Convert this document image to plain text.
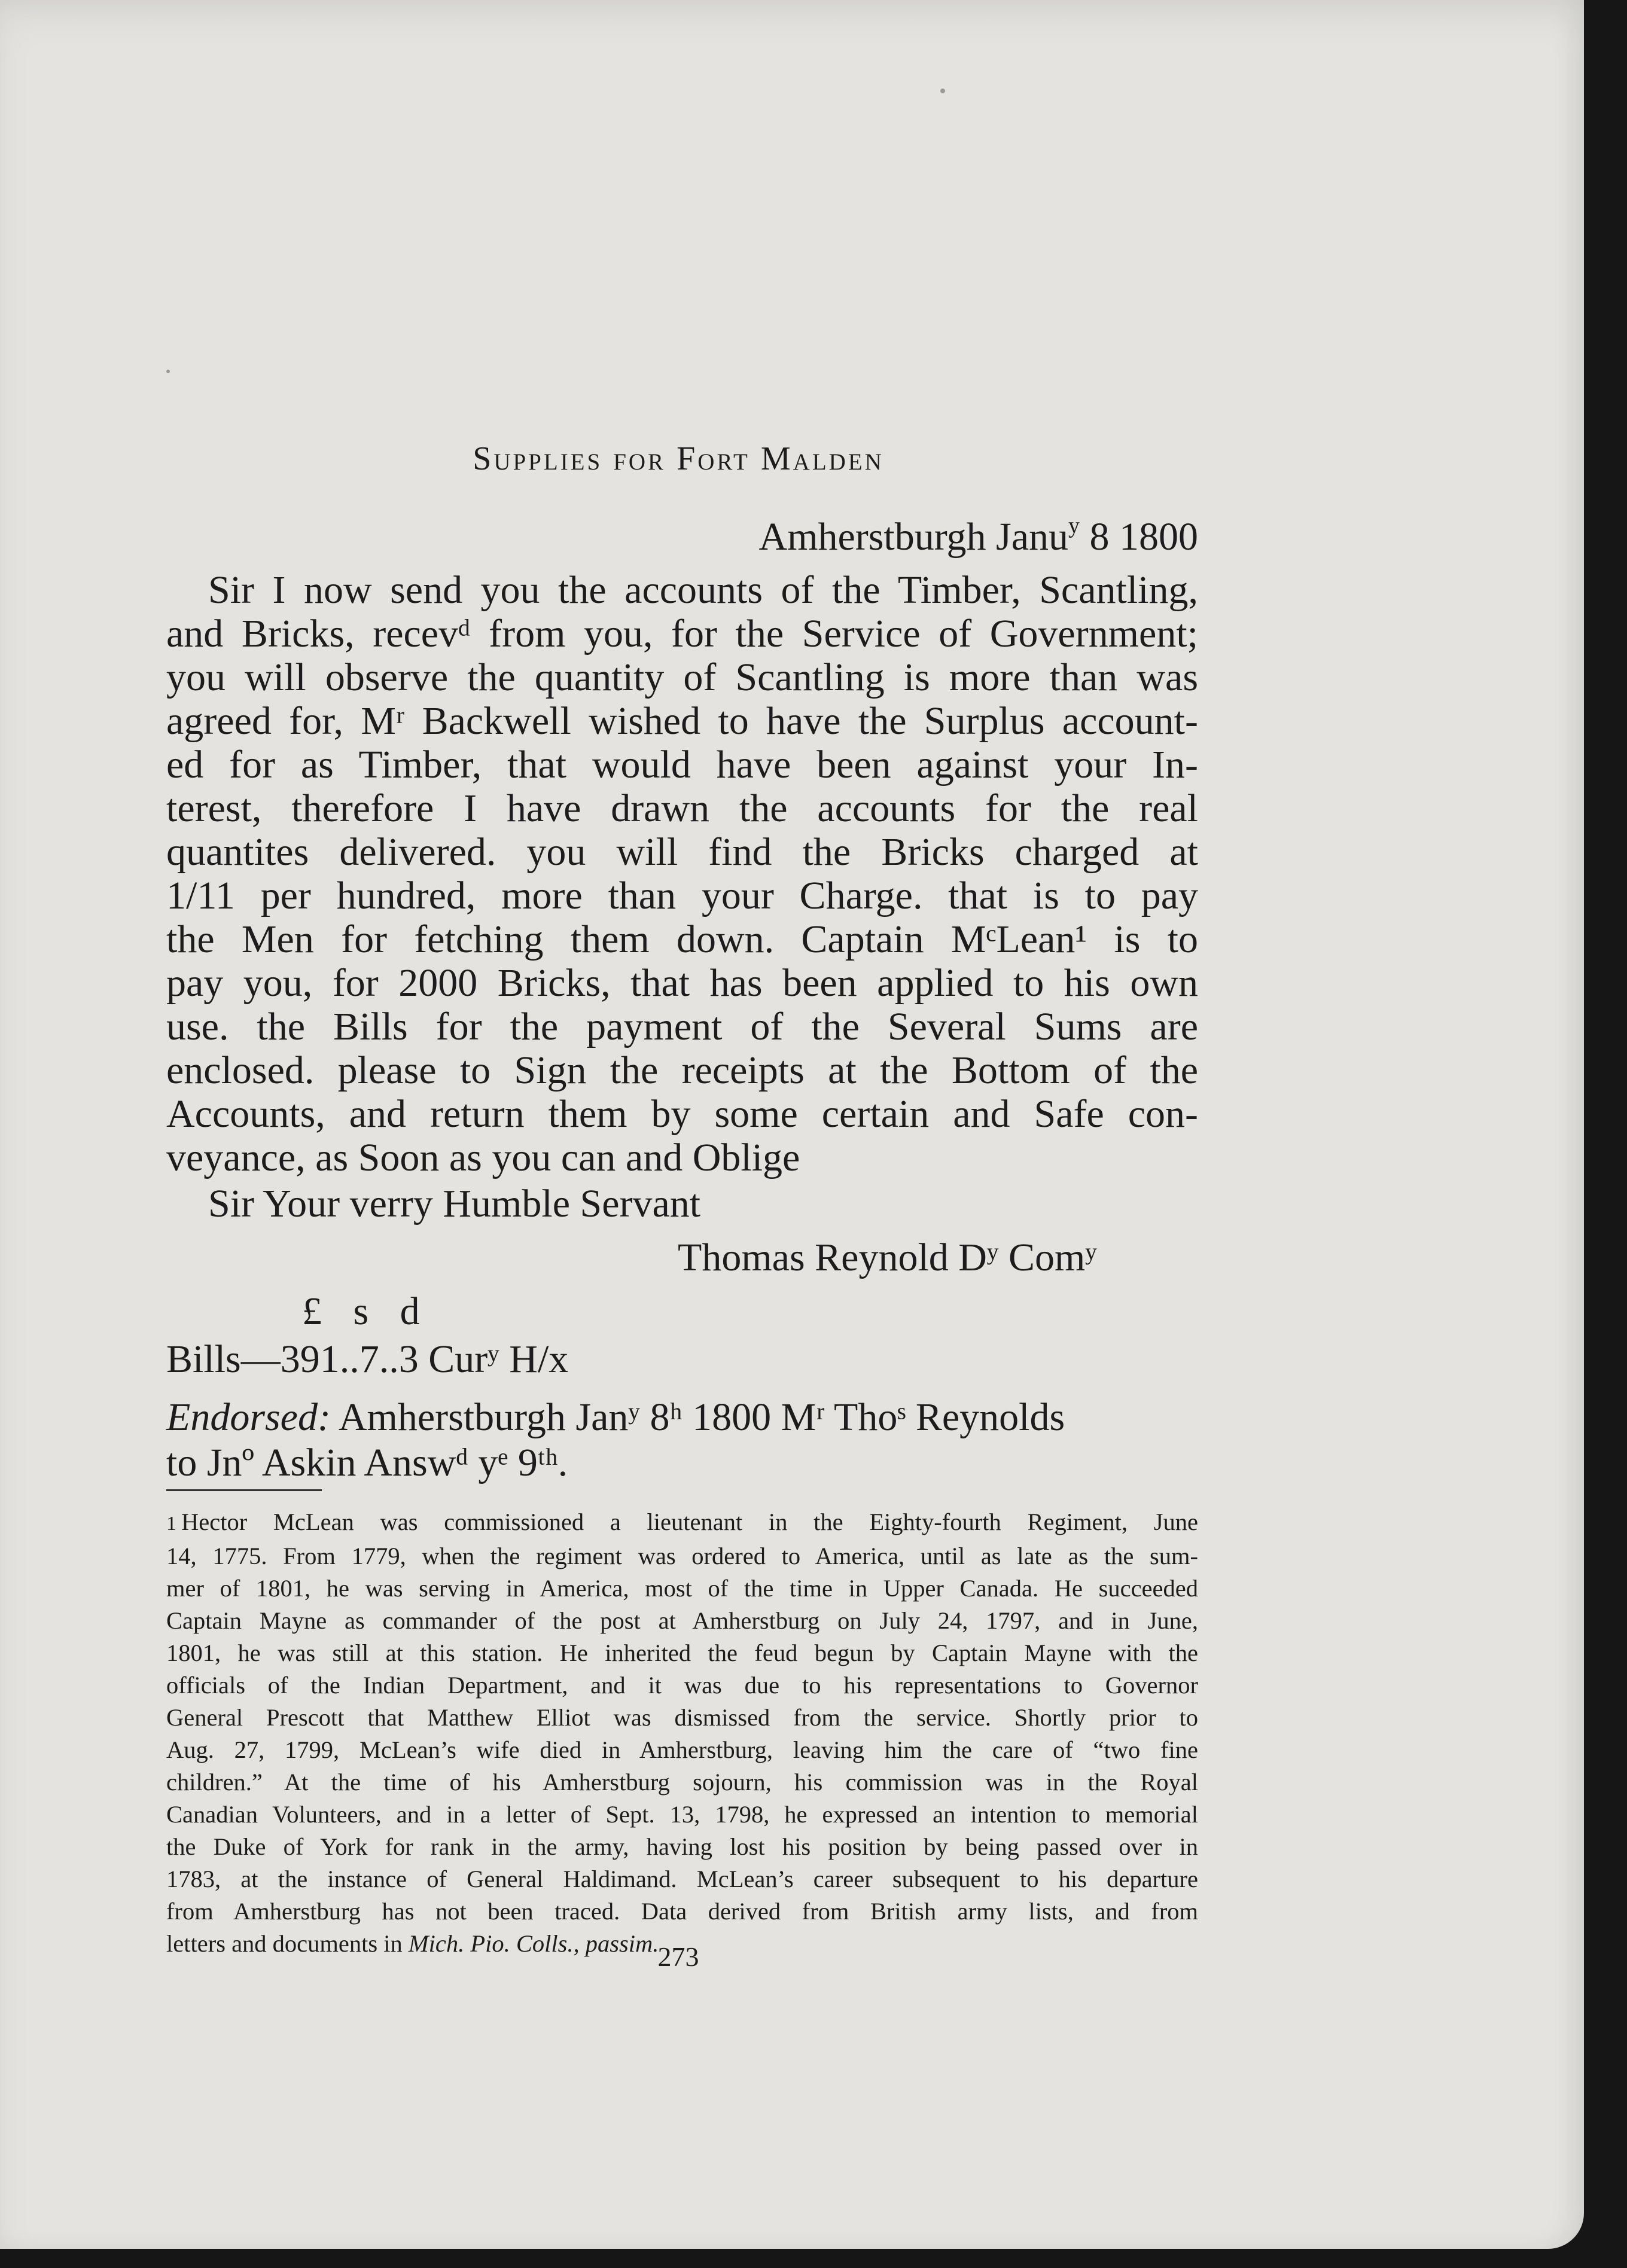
Supplies for Fort Malden
Amherstburgh Janu$^y$ 8 1800
Sir I now send you the accounts of the Timber, Scantling,
and Bricks, recevᵈ from you, for the Service of Government;
you will observe the quantity of Scantling is more than was
agreed for, Mʳ Backwell wished to have the Surplus account-
ed for as Timber, that would have been against your In-
terest, therefore I have drawn the accounts for the real
quantites delivered. you will find the Bricks charged at
1/11 per hundred, more than your Charge. that is to pay
the Men for fetching them down. Captain MᶜLean¹ is to
pay you, for 2000 Bricks, that has been applied to his own
use. the Bills for the payment of the Several Sums are
enclosed. please to Sign the receipts at the Bottom of the
Accounts, and return them by some certain and Safe con-
veyance, as Soon as you can and Oblige
Sir Your verry Humble Servant
Thomas Reynold Dʸ Comʸ
£ s d
Bills—391..7..3 Curʸ H/x
Endorsed: Amherstburgh Janʸ 8ʰ 1800 Mʳ Thoˢ Reynolds
to Jnº Askin Answᵈ yᵉ 9ᵗʰ.
1 Hector McLean was commissioned a lieutenant in the Eighty-fourth Regiment, June
14, 1775. From 1779, when the regiment was ordered to America, until as late as the sum-
mer of 1801, he was serving in America, most of the time in Upper Canada. He succeeded
Captain Mayne as commander of the post at Amherstburg on July 24, 1797, and in June,
1801, he was still at this station. He inherited the feud begun by Captain Mayne with the
officials of the Indian Department, and it was due to his representations to Governor
General Prescott that Matthew Elliot was dismissed from the service. Shortly prior to
Aug. 27, 1799, McLean’s wife died in Amherstburg, leaving him the care of “two fine
children.” At the time of his Amherstburg sojourn, his commission was in the Royal
Canadian Volunteers, and in a letter of Sept. 13, 1798, he expressed an intention to memorial
the Duke of York for rank in the army, having lost his position by being passed over in
1783, at the instance of General Haldimand. McLean’s career subsequent to his departure
from Amherstburg has not been traced. Data derived from British army lists, and from
letters and documents in Mich. Pio. Colls., passim.
273
